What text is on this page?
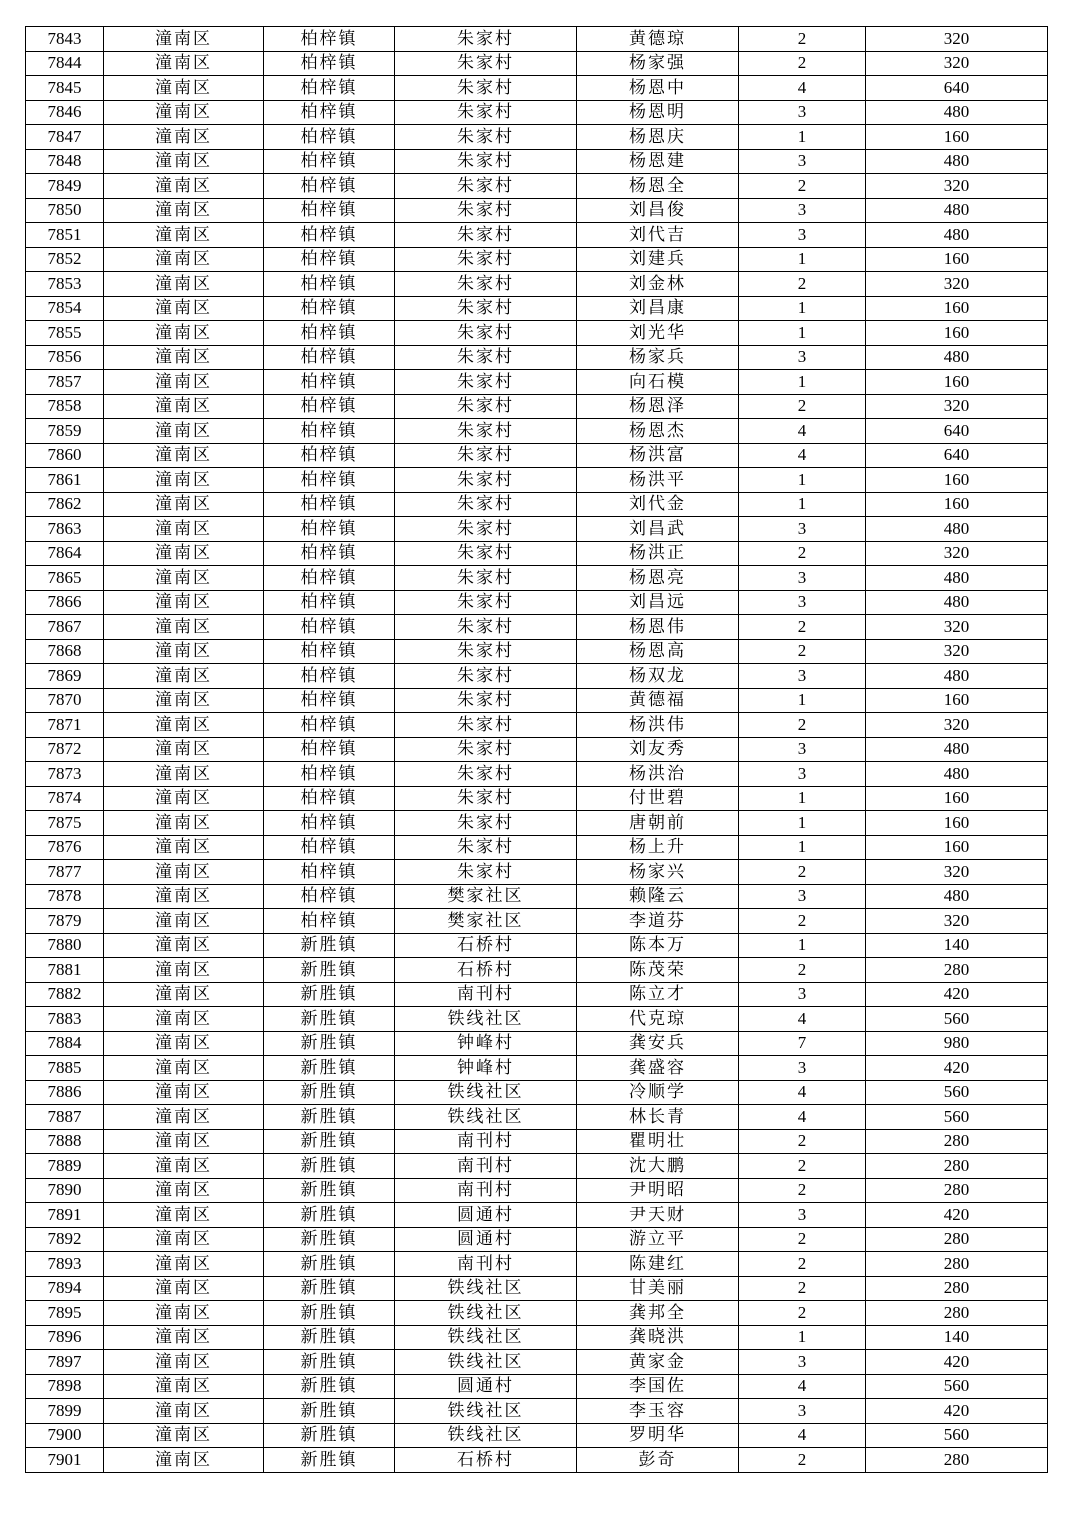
7843	潼南区	柏梓镇	朱家村	黄德琼	2	320
7844	潼南区	柏梓镇	朱家村	杨家强	2	320
7845	潼南区	柏梓镇	朱家村	杨恩中	4	640
7846	潼南区	柏梓镇	朱家村	杨恩明	3	480
7847	潼南区	柏梓镇	朱家村	杨恩庆	1	160
7848	潼南区	柏梓镇	朱家村	杨恩建	3	480
7849	潼南区	柏梓镇	朱家村	杨恩全	2	320
7850	潼南区	柏梓镇	朱家村	刘昌俊	3	480
7851	潼南区	柏梓镇	朱家村	刘代吉	3	480
7852	潼南区	柏梓镇	朱家村	刘建兵	1	160
7853	潼南区	柏梓镇	朱家村	刘金林	2	320
7854	潼南区	柏梓镇	朱家村	刘昌康	1	160
7855	潼南区	柏梓镇	朱家村	刘光华	1	160
7856	潼南区	柏梓镇	朱家村	杨家兵	3	480
7857	潼南区	柏梓镇	朱家村	向石模	1	160
7858	潼南区	柏梓镇	朱家村	杨恩泽	2	320
7859	潼南区	柏梓镇	朱家村	杨恩杰	4	640
7860	潼南区	柏梓镇	朱家村	杨洪富	4	640
7861	潼南区	柏梓镇	朱家村	杨洪平	1	160
7862	潼南区	柏梓镇	朱家村	刘代金	1	160
7863	潼南区	柏梓镇	朱家村	刘昌武	3	480
7864	潼南区	柏梓镇	朱家村	杨洪正	2	320
7865	潼南区	柏梓镇	朱家村	杨恩亮	3	480
7866	潼南区	柏梓镇	朱家村	刘昌远	3	480
7867	潼南区	柏梓镇	朱家村	杨恩伟	2	320
7868	潼南区	柏梓镇	朱家村	杨恩高	2	320
7869	潼南区	柏梓镇	朱家村	杨双龙	3	480
7870	潼南区	柏梓镇	朱家村	黄德福	1	160
7871	潼南区	柏梓镇	朱家村	杨洪伟	2	320
7872	潼南区	柏梓镇	朱家村	刘友秀	3	480
7873	潼南区	柏梓镇	朱家村	杨洪治	3	480
7874	潼南区	柏梓镇	朱家村	付世碧	1	160
7875	潼南区	柏梓镇	朱家村	唐朝前	1	160
7876	潼南区	柏梓镇	朱家村	杨上升	1	160
7877	潼南区	柏梓镇	朱家村	杨家兴	2	320
7878	潼南区	柏梓镇	樊家社区	赖隆云	3	480
7879	潼南区	柏梓镇	樊家社区	李道芬	2	320
7880	潼南区	新胜镇	石桥村	陈本万	1	140
7881	潼南区	新胜镇	石桥村	陈茂荣	2	280
7882	潼南区	新胜镇	南刊村	陈立才	3	420
7883	潼南区	新胜镇	铁线社区	代克琼	4	560
7884	潼南区	新胜镇	钟峰村	龚安兵	7	980
7885	潼南区	新胜镇	钟峰村	龚盛容	3	420
7886	潼南区	新胜镇	铁线社区	冷顺学	4	560
7887	潼南区	新胜镇	铁线社区	林长青	4	560
7888	潼南区	新胜镇	南刊村	瞿明壮	2	280
7889	潼南区	新胜镇	南刊村	沈大鹏	2	280
7890	潼南区	新胜镇	南刊村	尹明昭	2	280
7891	潼南区	新胜镇	圆通村	尹天财	3	420
7892	潼南区	新胜镇	圆通村	游立平	2	280
7893	潼南区	新胜镇	南刊村	陈建红	2	280
7894	潼南区	新胜镇	铁线社区	甘美丽	2	280
7895	潼南区	新胜镇	铁线社区	龚邦全	2	280
7896	潼南区	新胜镇	铁线社区	龚晓洪	1	140
7897	潼南区	新胜镇	铁线社区	黄家金	3	420
7898	潼南区	新胜镇	圆通村	李国佐	4	560
7899	潼南区	新胜镇	铁线社区	李玉容	3	420
7900	潼南区	新胜镇	铁线社区	罗明华	4	560
7901	潼南区	新胜镇	石桥村	彭奇	2	280
